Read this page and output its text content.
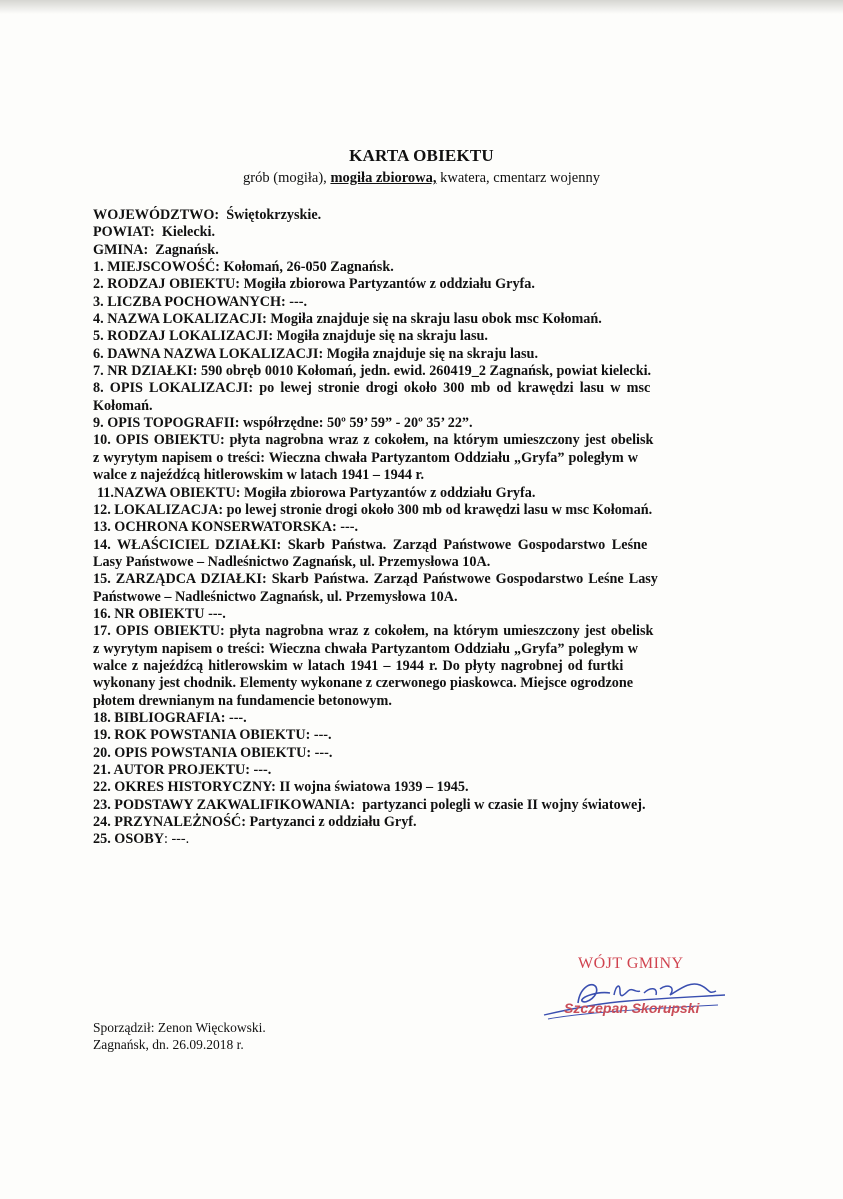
KARTA OBIEKTU
grób (mogiła), mogiła zbiorowa, kwatera, cmentarz wojenny
WOJEWÓDZTWO: Świętokrzyskie.
POWIAT: Kielecki.
GMINA: Zagnańsk.
1. MIEJSCOWOŚĆ: Kołomań, 26-050 Zagnańsk.
2. RODZAJ OBIEKTU: Mogiła zbiorowa Partyzantów z oddziału Gryfa.
3. LICZBA POCHOWANYCH: ---.
4. NAZWA LOKALIZACJI: Mogiła znajduje się na skraju lasu obok msc Kołomań.
5. RODZAJ LOKALIZACJI: Mogiła znajduje się na skraju lasu.
6. DAWNA NAZWA LOKALIZACJI: Mogiła znajduje się na skraju lasu.
7. NR DZIAŁKI: 590 obręb 0010 Kołomań, jedn. ewid. 260419_2 Zagnańsk, powiat kielecki.
8. OPIS LOKALIZACJI: po lewej stronie drogi około 300 mb od krawędzi lasu w msc
Kołomań.
9. OPIS TOPOGRAFII: współrzędne: 50º 59’ 59” - 20º 35’ 22”.
10. OPIS OBIEKTU: płyta nagrobna wraz z cokołem, na którym umieszczony jest obelisk
z wyrytym napisem o treści: Wieczna chwała Partyzantom Oddziału „Gryfa” poległym w
walce z najeźdźcą hitlerowskim w latach 1941 – 1944 r.
11.NAZWA OBIEKTU: Mogiła zbiorowa Partyzantów z oddziału Gryfa.
12. LOKALIZACJA: po lewej stronie drogi około 300 mb od krawędzi lasu w msc Kołomań.
13. OCHRONA KONSERWATORSKA: ---.
14. WŁAŚCICIEL DZIAŁKI: Skarb Państwa. Zarząd Państwowe Gospodarstwo Leśne
Lasy Państwowe – Nadleśnictwo Zagnańsk, ul. Przemysłowa 10A.
15. ZARZĄDCA DZIAŁKI: Skarb Państwa. Zarząd Państwowe Gospodarstwo Leśne Lasy
Państwowe – Nadleśnictwo Zagnańsk, ul. Przemysłowa 10A.
16. NR OBIEKTU ---.
17. OPIS OBIEKTU: płyta nagrobna wraz z cokołem, na którym umieszczony jest obelisk
z wyrytym napisem o treści: Wieczna chwała Partyzantom Oddziału „Gryfa” poległym w
walce z najeźdźcą hitlerowskim w latach 1941 – 1944 r. Do płyty nagrobnej od furtki
wykonany jest chodnik. Elementy wykonane z czerwonego piaskowca. Miejsce ogrodzone
płotem drewnianym na fundamencie betonowym.
18. BIBLIOGRAFIA: ---.
19. ROK POWSTANIA OBIEKTU: ---.
20. OPIS POWSTANIA OBIEKTU: ---.
21. AUTOR PROJEKTU: ---.
22. OKRES HISTORYCZNY: II wojna światowa 1939 – 1945.
23. PODSTAWY ZAKWALIFIKOWANIA: partyzanci polegli w czasie II wojny światowej.
24. PRZYNALEŻNOŚĆ: Partyzanci z oddziału Gryf.
25. OSOBY: ---.
WÓJT GMINY
Szczepan Skorupski
Sporządził: Zenon Więckowski.
Zagnańsk, dn. 26.09.2018 r.
